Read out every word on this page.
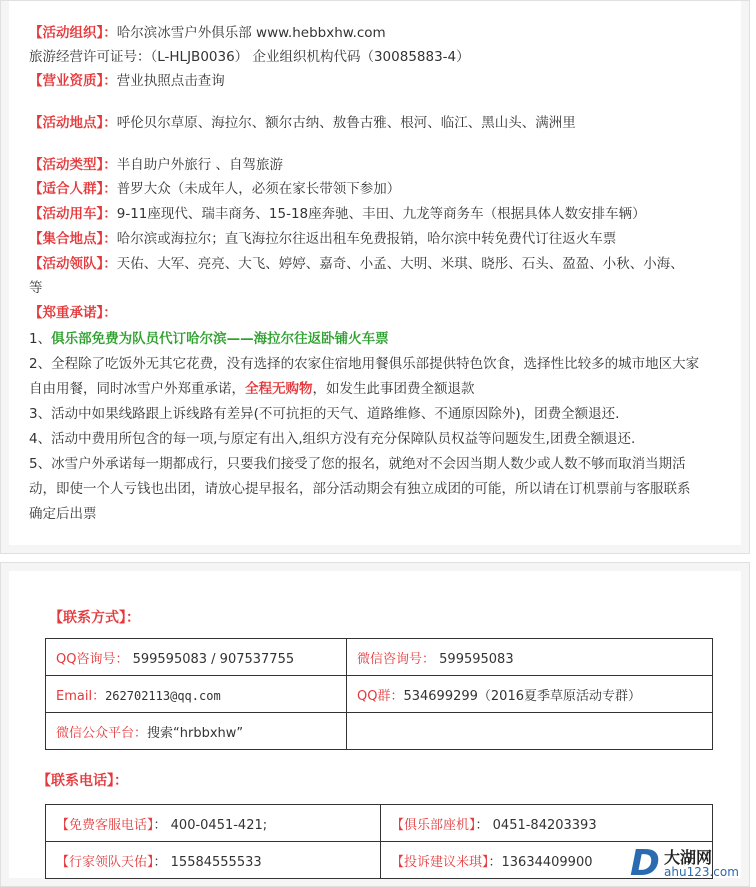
【活动组织】：哈尔滨冰雪户外俱乐部 www.hebbxhw.com
旅游经营许可证号：（L-HLJB0036） 企业组织机构代码（30085883-4）
【营业资质】：营业执照点击查询
【活动地点】：呼伦贝尔草原、海拉尔、额尔古纳、敖鲁古雅、根河、临江、黑山头、满洲里
【活动类型】：半自助户外旅行 、自驾旅游
【适合人群】：普罗大众（未成年人，必须在家长带领下参加）
【活动用车】：9-11座现代、瑞丰商务、15-18座奔驰、丰田、九龙等商务车（根据具体人数安排车辆）
【集合地点】：哈尔滨或海拉尔；直飞海拉尔往返出租车免费报销，哈尔滨中转免费代订往返火车票
【活动领队】：天佑、大军、亮亮、大飞、婷婷、嘉奇、小孟、大明、米琪、晓彤、石头、盈盈、小秋、小海、
等
【郑重承诺】：
1、俱乐部免费为队员代订哈尔滨——海拉尔往返卧铺火车票
2、全程除了吃饭外无其它花费，没有选择的农家住宿地用餐俱乐部提供特色饮食，选择性比较多的城市地区大家
自由用餐，同时冰雪户外郑重承诺，全程无购物，如发生此事团费全额退款
3、活动中如果线路跟上诉线路有差异(不可抗拒的天气、道路维修、不通原因除外)，团费全额退还.
4、活动中费用所包含的每一项,与原定有出入,组织方没有充分保障队员权益等问题发生,团费全额退还.
5、冰雪户外承诺每一期都成行，只要我们接受了您的报名，就绝对不会因当期人数少或人数不够而取消当期活
动，即使一个人亏钱也出团，请放心提早报名，部分活动期会有独立成团的可能，所以请在订机票前与客服联系
确定后出票
【联系方式】：
QQ咨询号： 599595083 / 907537755	微信咨询号： 599595083
Email：262702113@qq.com	QQ群：534699299（2016夏季草原活动专群）
微信公众平台：搜索“hrbbxhw”	
【联系电话】：
【免费客服电话】： 400-0451-421;	【俱乐部座机】： 0451-84203393
【行家领队天佑】： 15584555533	【投诉建议米琪】：13634409900 D 大湖网
ahu123.com
